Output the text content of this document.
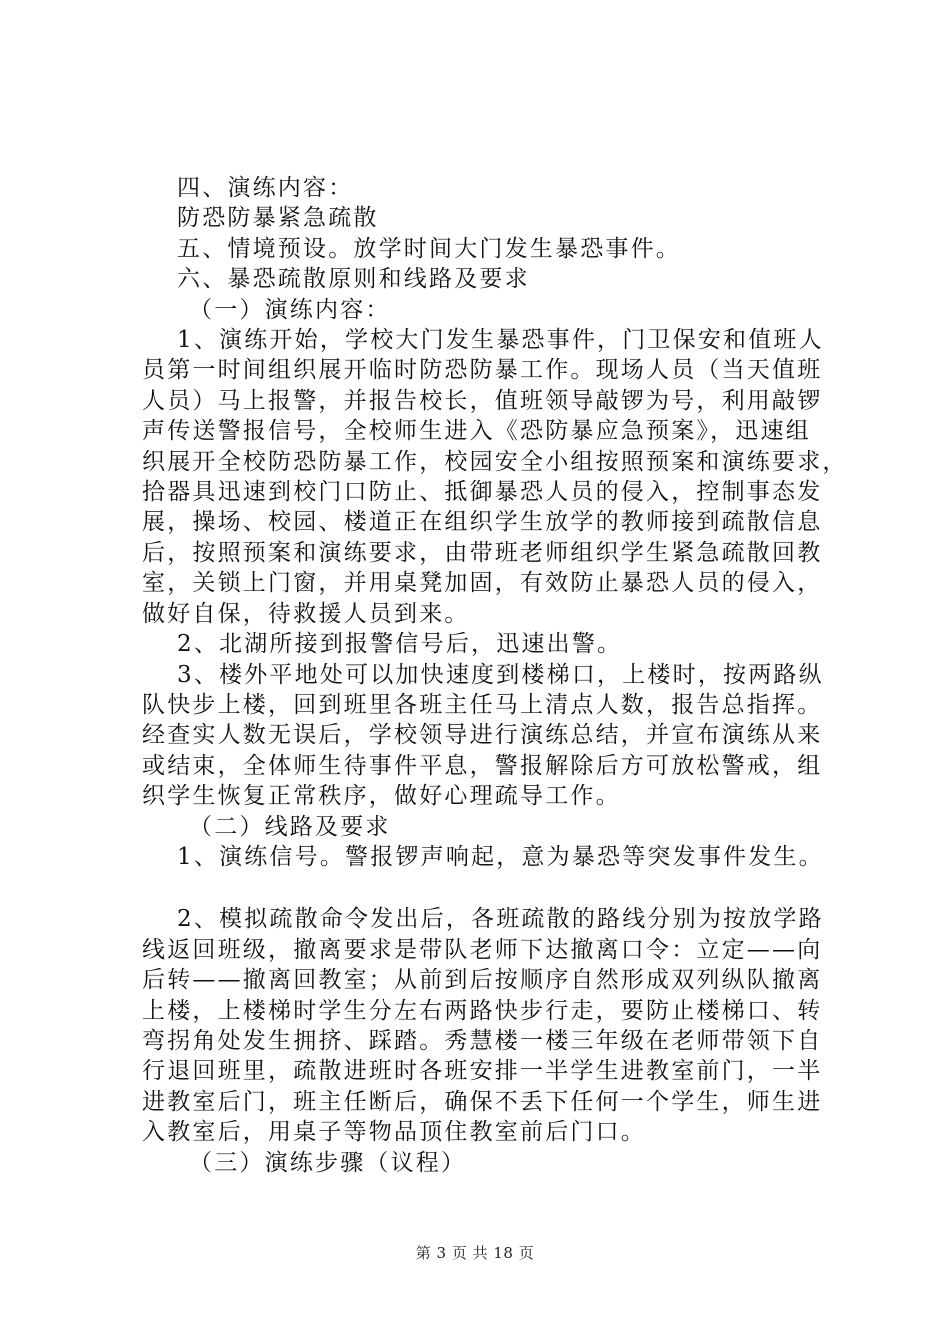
四、演练内容：
防恐防暴紧急疏散
五、情境预设。放学时间大门发生暴恐事件。
六、暴恐疏散原则和线路及要求
（一）演练内容：
1、演练开始，学校大门发生暴恐事件，门卫保安和值班人
员第一时间组织展开临时防恐防暴工作。现场人员（当天值班
人员）马上报警，并报告校长，值班领导敲锣为号，利用敲锣
声传送警报信号，全校师生进入《恐防暴应急预案》，迅速组
织展开全校防恐防暴工作，校园安全小组按照预案和演练要求，
拾器具迅速到校门口防止、抵御暴恐人员的侵入，控制事态发
展，操场、校园、楼道正在组织学生放学的教师接到疏散信息
后，按照预案和演练要求，由带班老师组织学生紧急疏散回教
室，关锁上门窗，并用桌凳加固，有效防止暴恐人员的侵入，
做好自保，待救援人员到来。
2、北湖所接到报警信号后，迅速出警。
3、楼外平地处可以加快速度到楼梯口，上楼时，按两路纵
队快步上楼，回到班里各班主任马上清点人数，报告总指挥。
经查实人数无误后，学校领导进行演练总结，并宣布演练从来
或结束，全体师生待事件平息，警报解除后方可放松警戒，组
织学生恢复正常秩序，做好心理疏导工作。
（二）线路及要求
1、演练信号。警报锣声响起，意为暴恐等突发事件发生。
2、模拟疏散命令发出后，各班疏散的路线分别为按放学路
线返回班级，撤离要求是带队老师下达撤离口令：立定——向
后转——撤离回教室；从前到后按顺序自然形成双列纵队撤离
上楼，上楼梯时学生分左右两路快步行走，要防止楼梯口、转
弯拐角处发生拥挤、踩踏。秀慧楼一楼三年级在老师带领下自
行退回班里，疏散进班时各班安排一半学生进教室前门，一半
进教室后门，班主任断后，确保不丢下任何一个学生，师生进
入教室后，用桌子等物品顶住教室前后门口。
（三）演练步骤（议程）
第 3 页 共 18 页
